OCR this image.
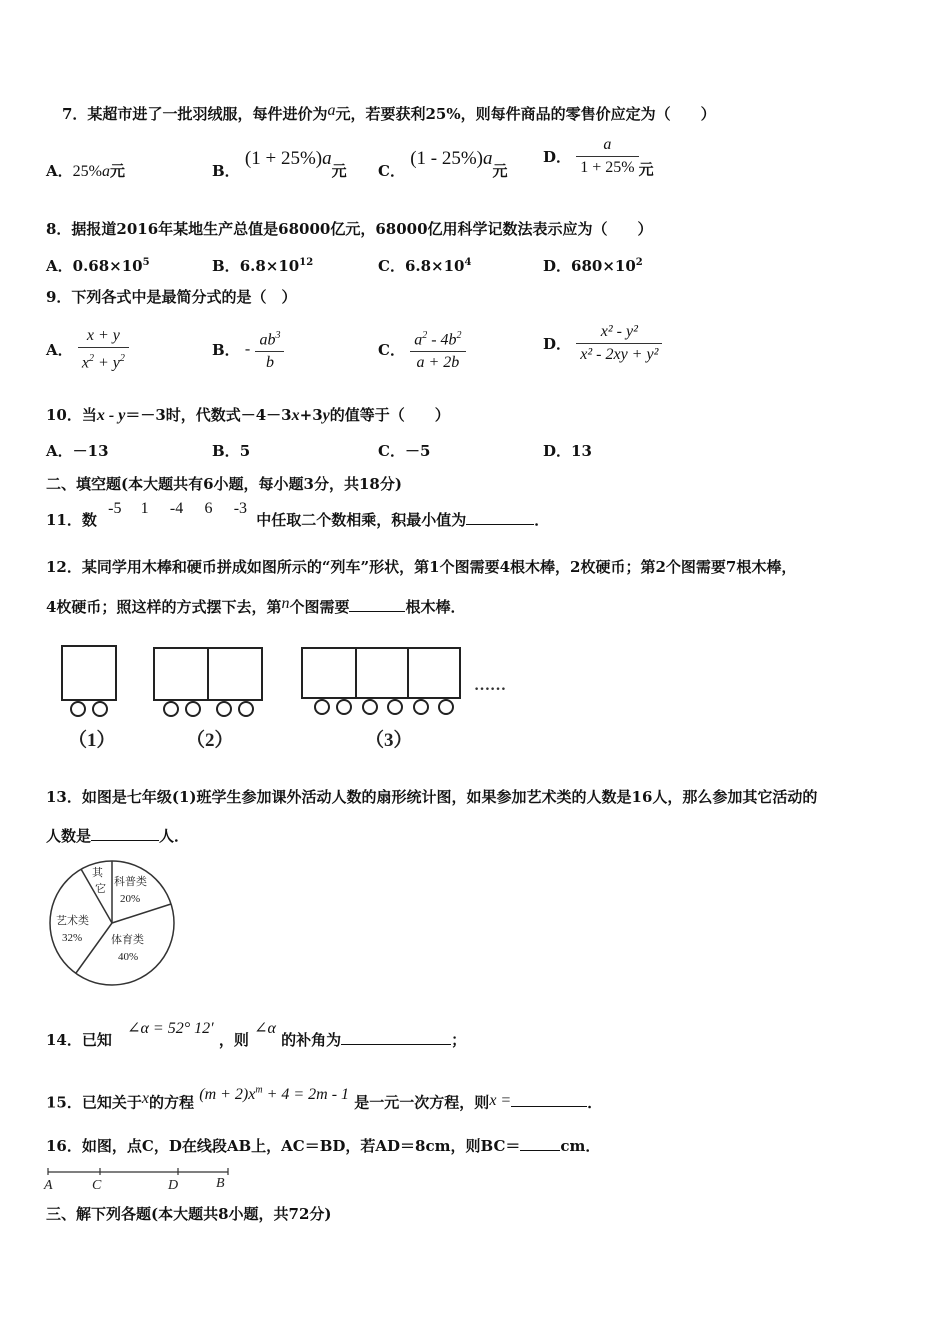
7．某超市进了一批羽绒服，每件进价为a元，若要获利25%，则每件商品的零售价应定为（　　）
A．25%a元	B． (1 + 25%)a元 C． (1 - 25%)a元
D． $\frac{a}{1 + 25\%}$ 元
8．据报道2016年某地生产总值是68000亿元，68000亿用科学记数法表示应为（　　）
A．$0.68\times 10^5$	B．$6.8\times 10^{12}$	C．$6.8\times 10^4$	D．$680\times 10^2$
9．下列各式中是最简分式的是（　）
A． $\frac{x + y}{x^2 + y^2}$	B． - $\frac{ab^3}{b}$	C． $\frac{a^2 - 4b^2}{a + 2b}$	D． $\frac{\text{x² - y²}}{\text{x² - 2xy + y²}}$
10．当x - y＝－3时，代数式－4－3x+3y的值等于（　　）
A．－13	B．5	C．－5	D．13
二、填空题(本大题共有6小题，每小题3分，共18分)
11．数 -5 1 -4 6 -3 中任取二个数相乘，积最小值为	．
12．某同学用木棒和硬币拼成如图所示的“列车”形状，第1个图需要4根木棒，2枚硬币；第2个图需要7根木棒，
4枚硬币；照这样的方式摆下去，第n个图需要	根木棒．
……
（1）	（2）	（3）
13．如图是七年级(1)班学生参加课外活动人数的扇形统计图，如果参加艺术类的人数是16人，那么参加其它活动的
人数是	人．
其
它
科普类
20%
艺术类
32%	体育类
40%
14．已知 ∠α = 52° 12′ ，则 ∠α 的补角为	；
15．已知关于x的方程 $(m + 2)x^m + 4 = 2m - 1$ 是一元一次方程，则x =	．
16．如图，点C，D在线段AB上，AC＝BD，若AD＝8cm，则BC＝	cm．
A	C	D	B
三、解下列各题(本大题共8小题，共72分)
